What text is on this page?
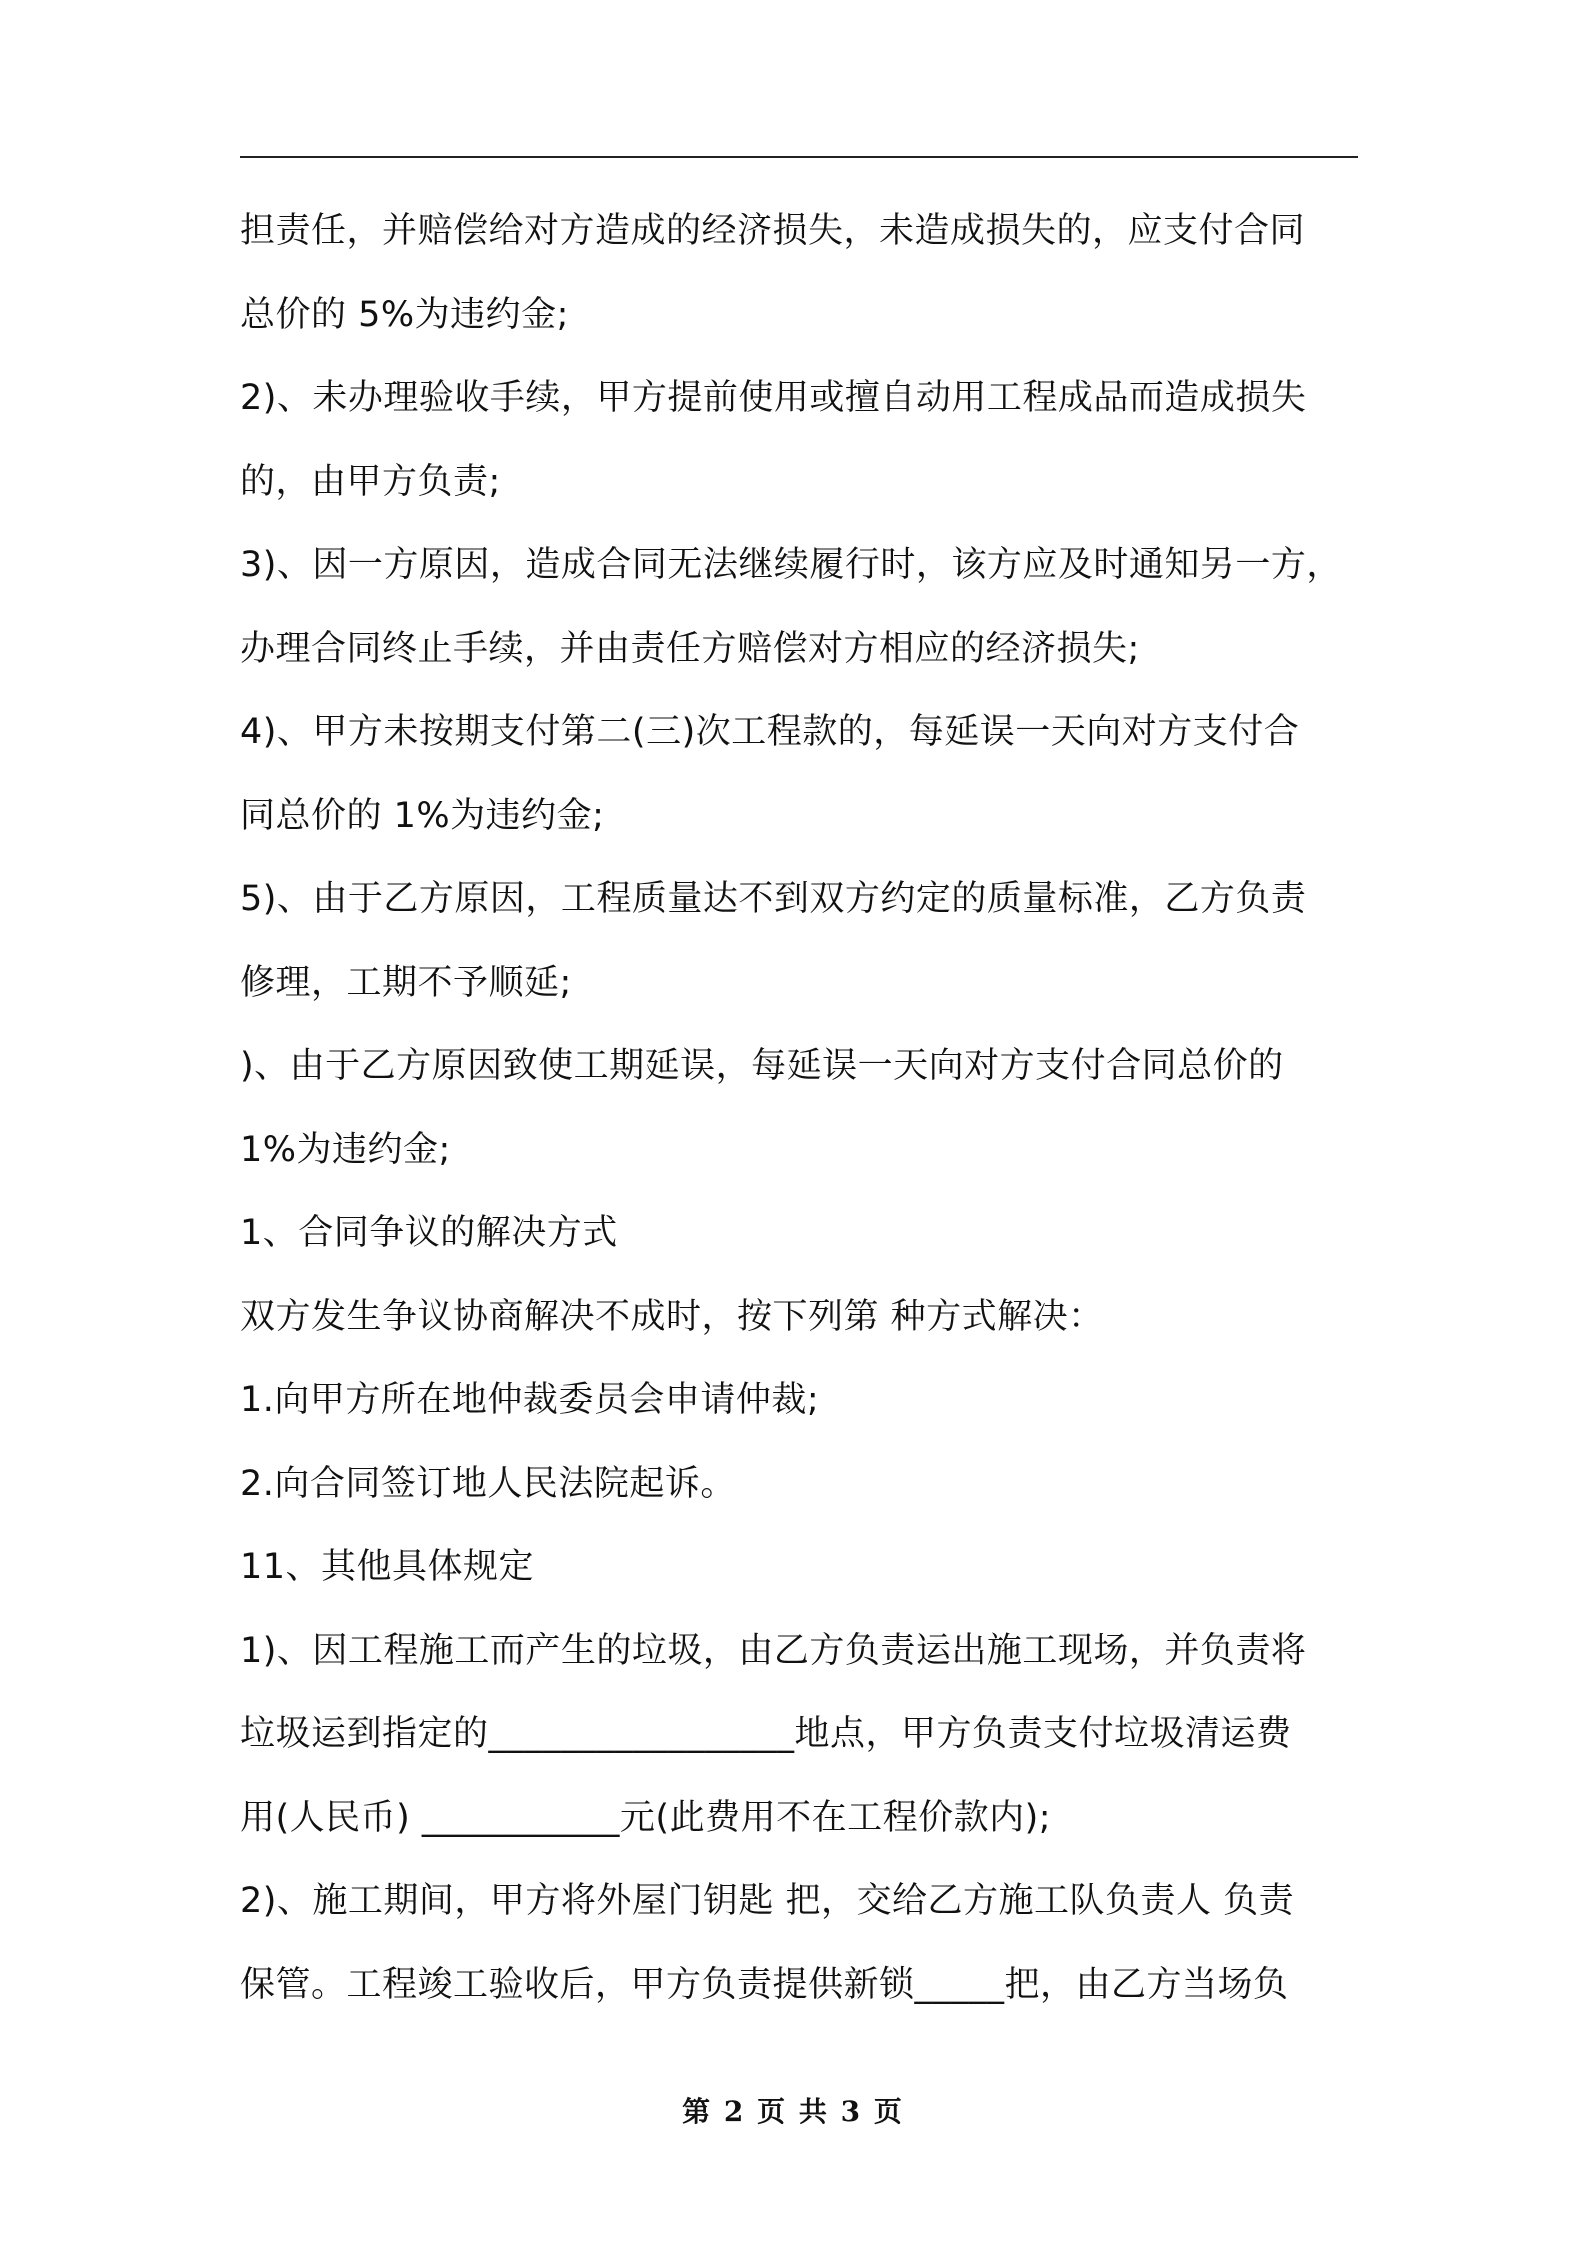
担责任，并赔偿给对方造成的经济损失，未造成损失的，应支付合同
总价的 5%为违约金;
2)、未办理验收手续，甲方提前使用或擅自动用工程成品而造成损失
的，由甲方负责;
3)、因一方原因，造成合同无法继续履行时，该方应及时通知另一方，
办理合同终止手续，并由责任方赔偿对方相应的经济损失;
4)、甲方未按期支付第二(三)次工程款的，每延误一天向对方支付合
同总价的 1%为违约金;
5)、由于乙方原因，工程质量达不到双方约定的质量标准，乙方负责
修理，工期不予顺延;
)、由于乙方原因致使工期延误，每延误一天向对方支付合同总价的
1%为违约金;
1、合同争议的解决方式
双方发生争议协商解决不成时，按下列第 种方式解决：
1.向甲方所在地仲裁委员会申请仲裁;
2.向合同签订地人民法院起诉。
11、其他具体规定
1)、因工程施工而产生的垃圾，由乙方负责运出施工现场，并负责将
垃圾运到指定的_________________地点，甲方负责支付垃圾清运费
用(人民币) ___________元(此费用不在工程价款内);
2)、施工期间，甲方将外屋门钥匙 把，交给乙方施工队负责人 负责
保管。工程竣工验收后，甲方负责提供新锁_____把，由乙方当场负
第 2 页 共 3 页
